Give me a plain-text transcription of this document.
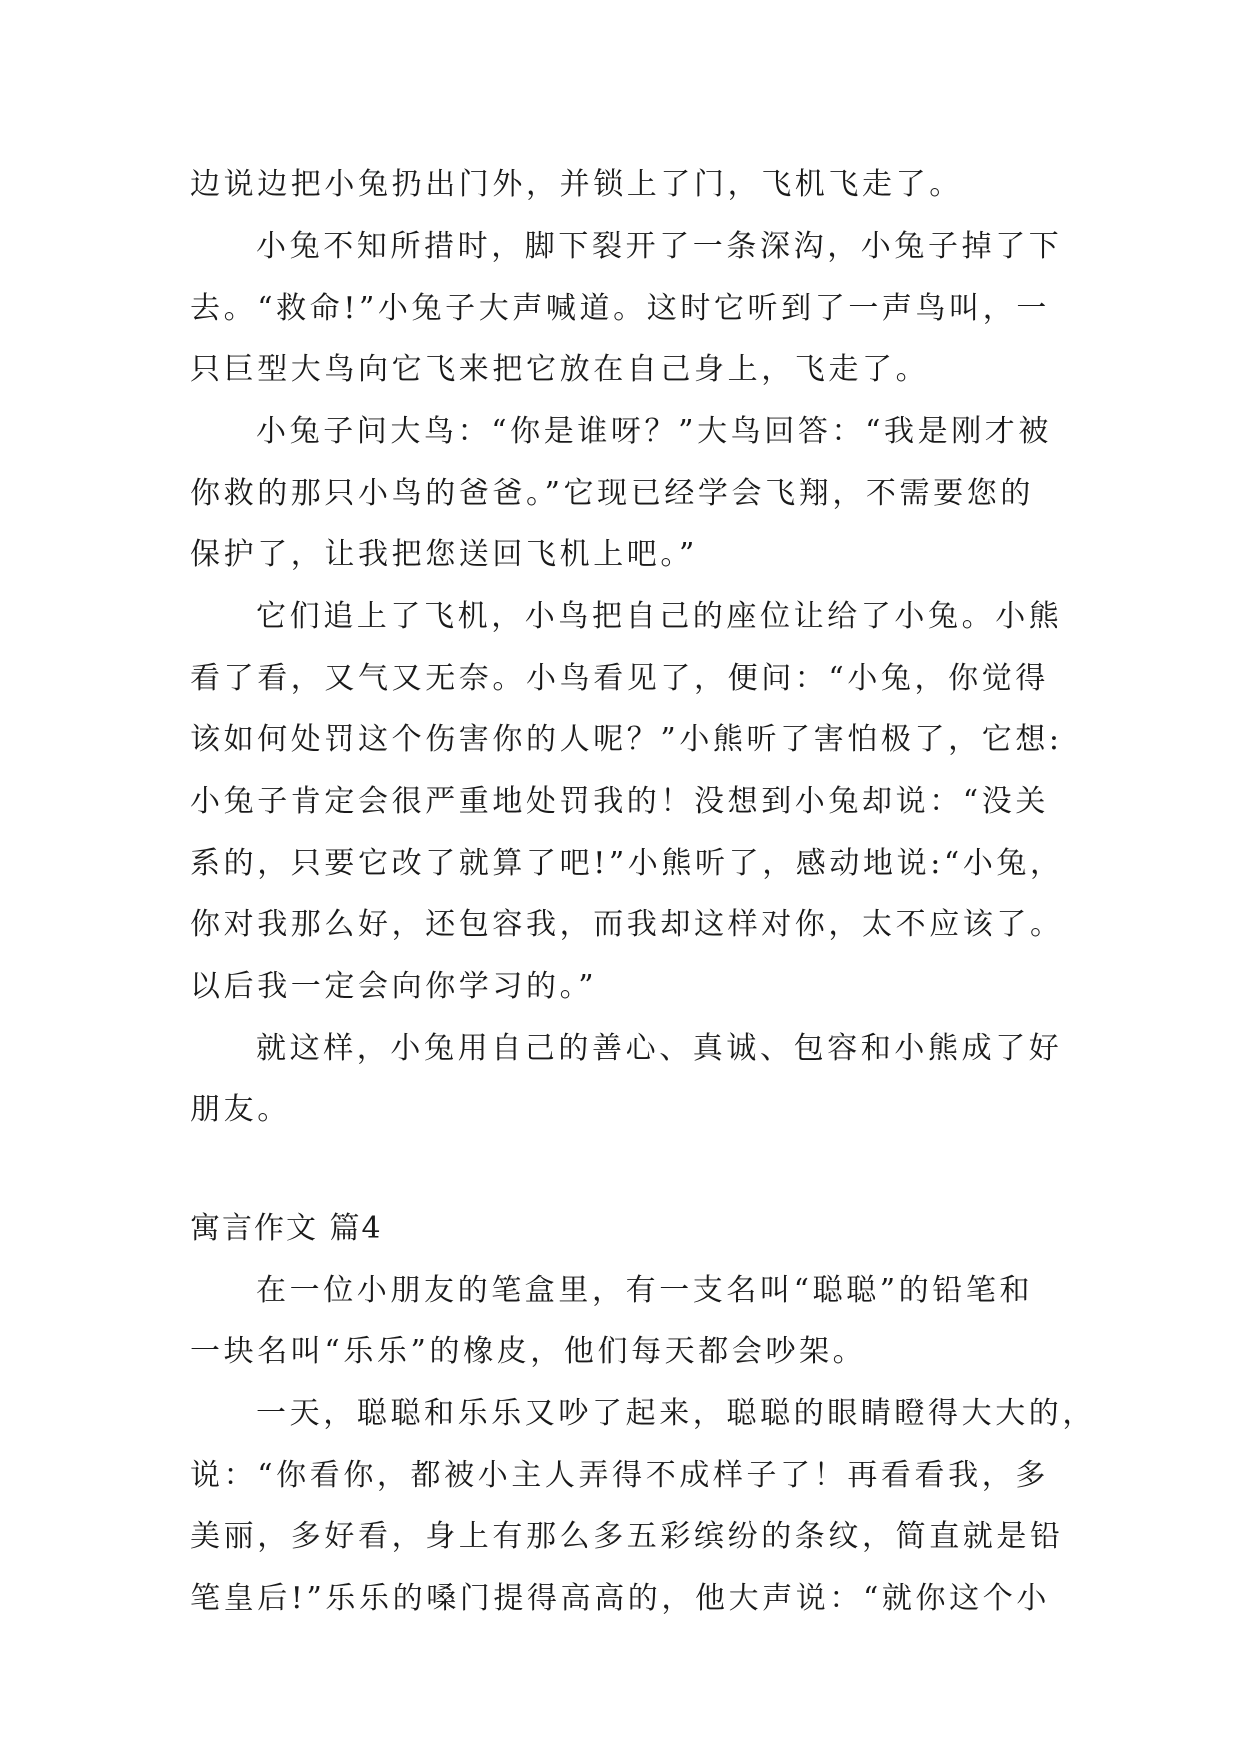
边说边把小兔扔出门外，并锁上了门，飞机飞走了。
小兔不知所措时，脚下裂开了一条深沟，小兔子掉了下
去。“救命!”小兔子大声喊道。这时它听到了一声鸟叫，一
只巨型大鸟向它飞来把它放在自己身上，飞走了。
小兔子问大鸟：“你是谁呀？”大鸟回答：“我是刚才被
你救的那只小鸟的爸爸。”它现已经学会飞翔，不需要您的
保护了，让我把您送回飞机上吧。”
它们追上了飞机，小鸟把自己的座位让给了小兔。小熊
看了看，又气又无奈。小鸟看见了，便问：“小兔，你觉得
该如何处罚这个伤害你的人呢？”小熊听了害怕极了，它想:
小兔子肯定会很严重地处罚我的！没想到小兔却说：“没关
系的，只要它改了就算了吧!”小熊听了，感动地说:“小兔，
你对我那么好，还包容我，而我却这样对你，太不应该了。
以后我一定会向你学习的。”
就这样，小兔用自己的善心、真诚、包容和小熊成了好
朋友。
寓言作文 篇4
在一位小朋友的笔盒里，有一支名叫“聪聪”的铅笔和
一块名叫“乐乐”的橡皮，他们每天都会吵架。
一天，聪聪和乐乐又吵了起来，聪聪的眼睛瞪得大大的，
说：“你看你，都被小主人弄得不成样子了！再看看我，多
美丽，多好看，身上有那么多五彩缤纷的条纹，简直就是铅
笔皇后!”乐乐的嗓门提得高高的，他大声说：“就你这个小
